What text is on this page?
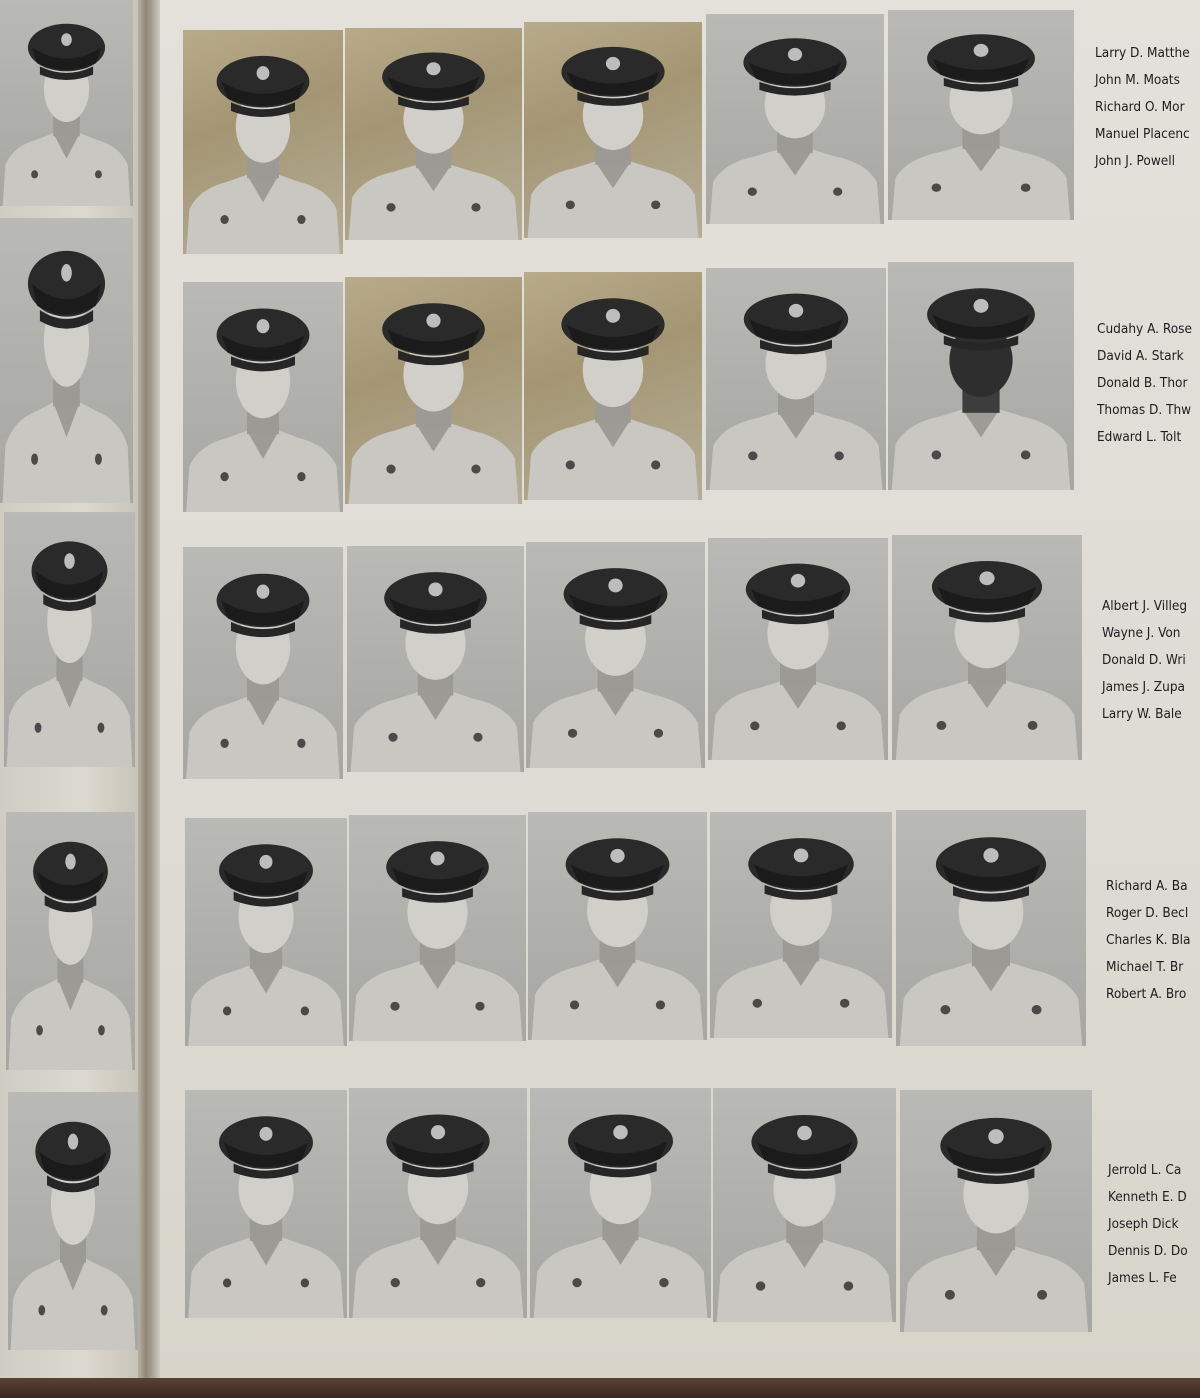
Larry D. Matthe
John M. Moats
Richard O. Mor
Manuel Placenc
John J. Powell
Cudahy A. Rose
David A. Stark
Donald B. Thor
Thomas D. Thw
Edward L. Tolt
Albert J. Villeg
Wayne J. Von
Donald D. Wri
James J. Zupa
Larry W. Bale
Richard A. Ba
Roger D. Becl
Charles K. Bla
Michael T. Br
Robert A. Bro
Jerrold L. Ca
Kenneth E. D
Joseph Dick
Dennis D. Do
James L. Fe
